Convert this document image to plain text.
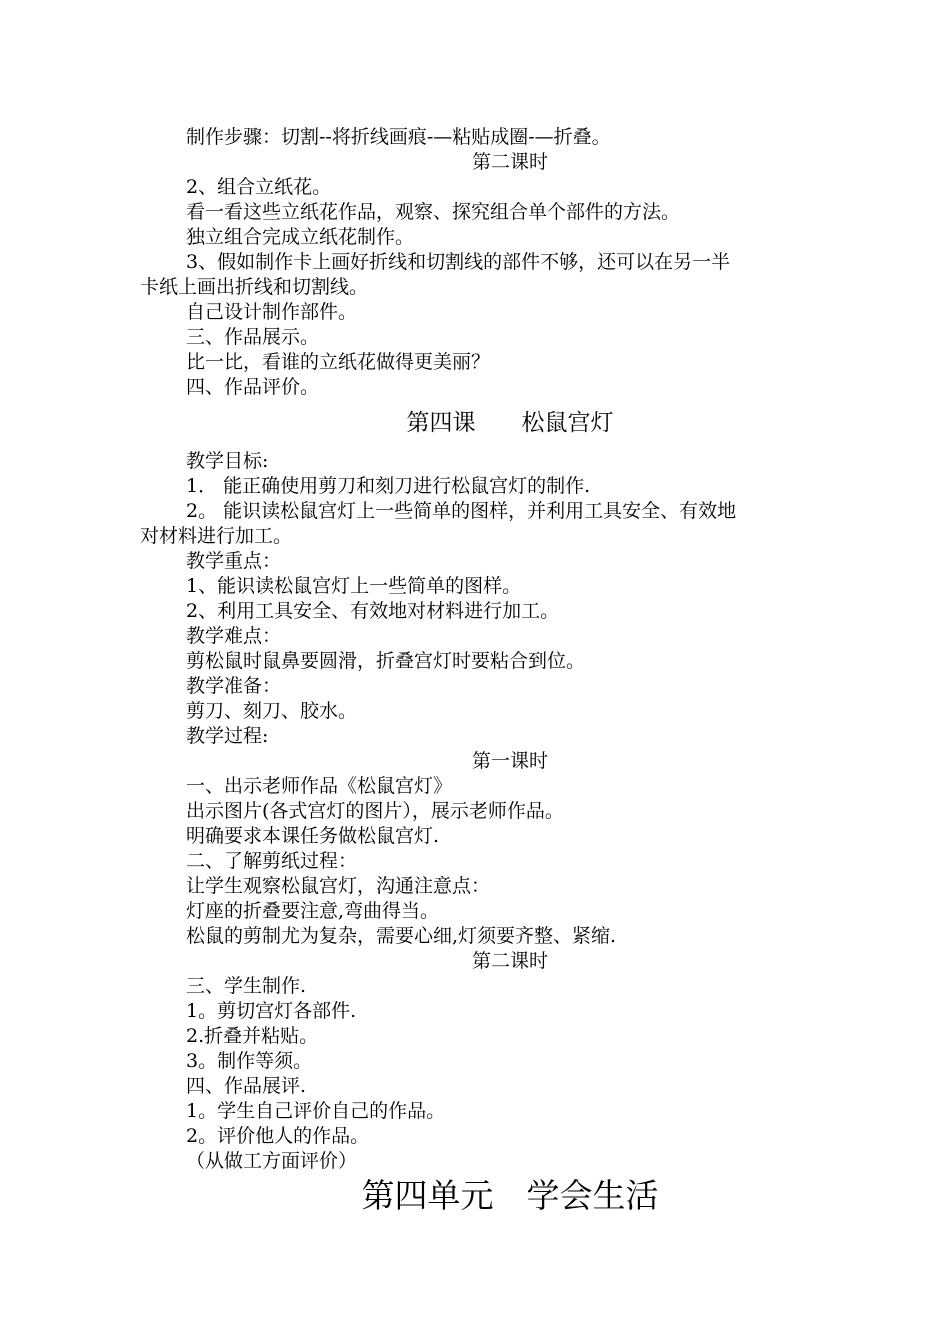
制作步骤：切割--将折线画痕-—粘贴成圈-—折叠。
第二课时
2、组合立纸花。
看一看这些立纸花作品，观察、探究组合单个部件的方法。
独立组合完成立纸花制作。
3、假如制作卡上画好折线和切割线的部件不够，还可以在另一半
卡纸上画出折线和切割线。
自己设计制作部件。
三、作品展示。
比一比，看谁的立纸花做得更美丽？
四、作品评价。
第四课　　松鼠宫灯
教学目标:
1． 能正确使用剪刀和刻刀进行松鼠宫灯的制作.
2。 能识读松鼠宫灯上一些简单的图样，并利用工具安全、有效地
对材料进行加工。
教学重点：
1、能识读松鼠宫灯上一些简单的图样。
2、利用工具安全、有效地对材料进行加工。
教学难点：
剪松鼠时鼠鼻要圆滑，折叠宫灯时要粘合到位。
教学准备：
剪刀、刻刀、胶水。
教学过程:
第一课时
一、出示老师作品《松鼠宫灯》
出示图片(各式宫灯的图片），展示老师作品。
明确要求本课任务做松鼠宫灯.
二、了解剪纸过程：
让学生观察松鼠宫灯，沟通注意点：
灯座的折叠要注意,弯曲得当。
松鼠的剪制尤为复杂，需要心细,灯须要齐整、紧缩.
第二课时
三、学生制作.
1。剪切宫灯各部件.
2.折叠并粘贴。
3。制作等须。
四、作品展评.
1。学生自己评价自己的作品。
2。评价他人的作品。
（从做工方面评价）
第四单元　学会生活
